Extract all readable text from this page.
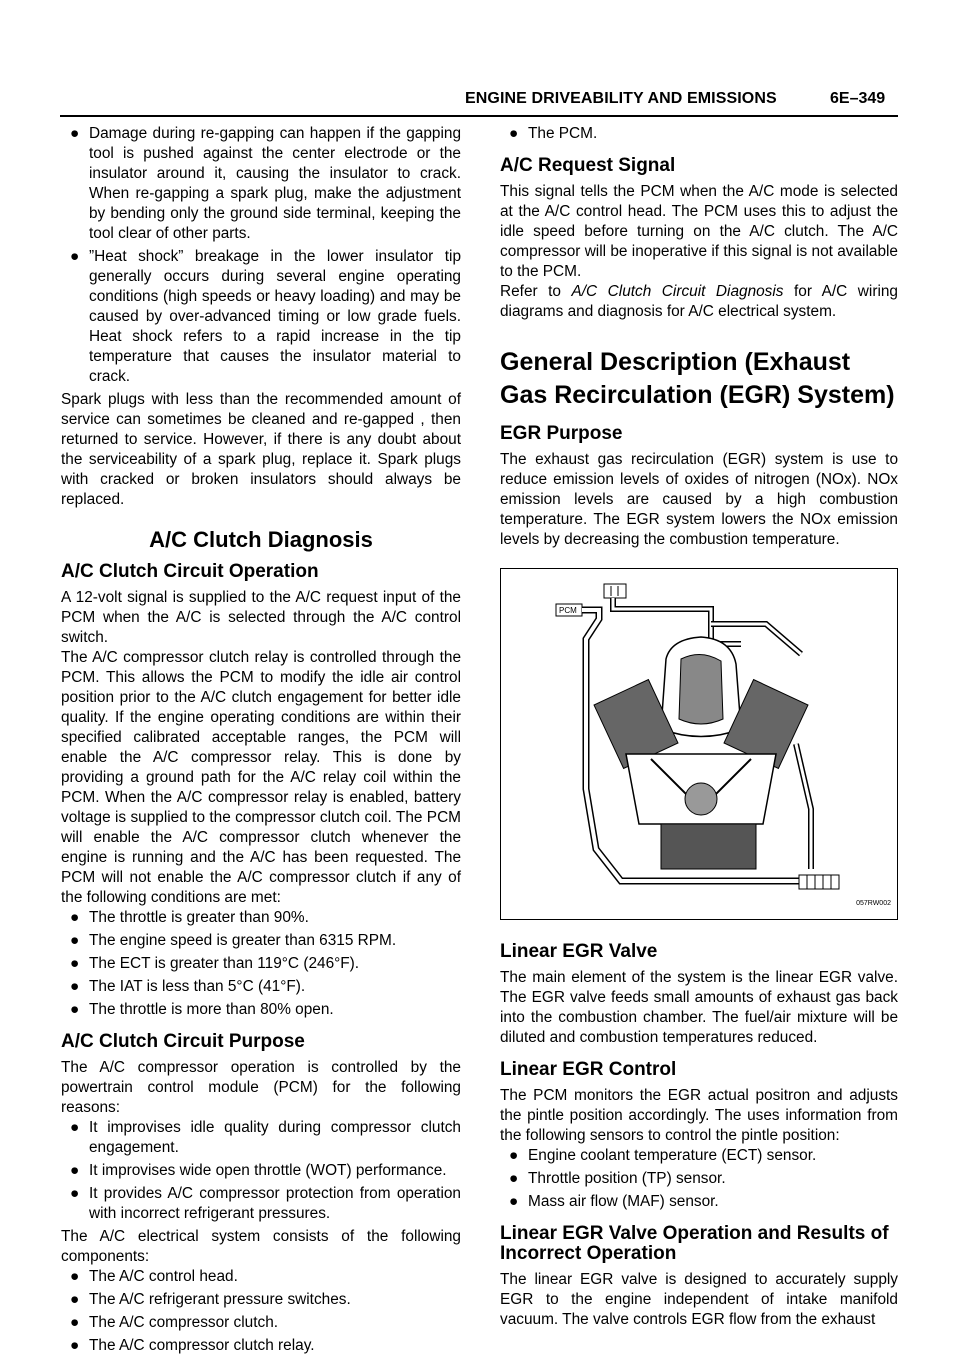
ENGINE DRIVEABILITY AND EMISSIONS	6E–349
● Damage during re-gapping can happen if the gapping tool is pushed against the center electrode or the insulator around it, causing the insulator to crack. When re-gapping a spark plug, make the adjustment by bending only the ground side terminal, keeping the tool clear of other parts.
● ”Heat shock” breakage in the lower insulator tip generally occurs during several engine operating conditions (high speeds or heavy loading) and may be caused by over-advanced timing or low grade fuels. Heat shock refers to a rapid increase in the tip temperature that causes the insulator material to crack.

Spark plugs with less than the recommended amount of service can sometimes be cleaned and re-gapped , then returned to service. However, if there is any doubt about the serviceability of a spark plug, replace it. Spark plugs with cracked or broken insulators should always be replaced.

A/C Clutch Diagnosis
A/C Clutch Circuit Operation

A 12-volt signal is supplied to the A/C request input of the PCM when the A/C is selected through the A/C control switch.

The A/C compressor clutch relay is controlled through the PCM. This allows the PCM to modify the idle air control position prior to the A/C clutch engagement for better idle quality. If the engine operating conditions are within their specified calibrated acceptable ranges, the PCM will enable the A/C compressor relay. This is done by providing a ground path for the A/C relay coil within the PCM. When the A/C compressor relay is enabled, battery voltage is supplied to the compressor clutch coil. The PCM will enable the A/C compressor clutch whenever the engine is running and the A/C has been requested. The PCM will not enable the A/C compressor clutch if any of the following conditions are met:

● The throttle is greater than 90%.
● The engine speed is greater than 6315 RPM.
● The ECT is greater than 119°C (246°F).
● The IAT is less than 5°C (41°F).
● The throttle is more than 80% open.
A/C Clutch Circuit Purpose

The A/C compressor operation is controlled by the powertrain control module (PCM) for the following reasons:

● It improvises idle quality during compressor clutch engagement.
● It improvises wide open throttle (WOT) performance.
● It provides A/C compressor protection from operation with incorrect refrigerant pressures.

The A/C electrical system consists of the following components:

● The A/C control head.
● The A/C refrigerant pressure switches.
● The A/C compressor clutch.
● The A/C compressor clutch relay.
● The PCM.
A/C Request Signal

This signal tells the PCM when the A/C mode is selected at the A/C control head. The PCM uses this to adjust the idle speed before turning on the A/C clutch. The A/C compressor will be inoperative if this signal is not available to the PCM.

Refer to A/C Clutch Circuit Diagnosis for A/C wiring diagrams and diagnosis for A/C electrical system.

General Description (Exhaust Gas Recirculation (EGR) System)
EGR Purpose

The exhaust gas recirculation (EGR) system is use to reduce emission levels of oxides of nitrogen (NOx). NOx emission levels are caused by a high combustion temperature. The EGR system lowers the NOx emission levels by decreasing the combustion temperature.

PCM
057RW002
Linear EGR Valve

The main element of the system is the linear EGR valve. The EGR valve feeds small amounts of exhaust gas back into the combustion chamber. The fuel/air mixture will be diluted and combustion temperatures reduced.

Linear EGR Control

The PCM monitors the EGR actual positron and adjusts the pintle position accordingly. The uses information from the following sensors to control the pintle position:

● Engine coolant temperature (ECT) sensor.
● Throttle position (TP) sensor.
● Mass air flow (MAF) sensor.
Linear EGR Valve Operation and Results of Incorrect Operation

The linear EGR valve is designed to accurately supply EGR to the engine independent of intake manifold vacuum. The valve controls EGR flow from the exhaust
